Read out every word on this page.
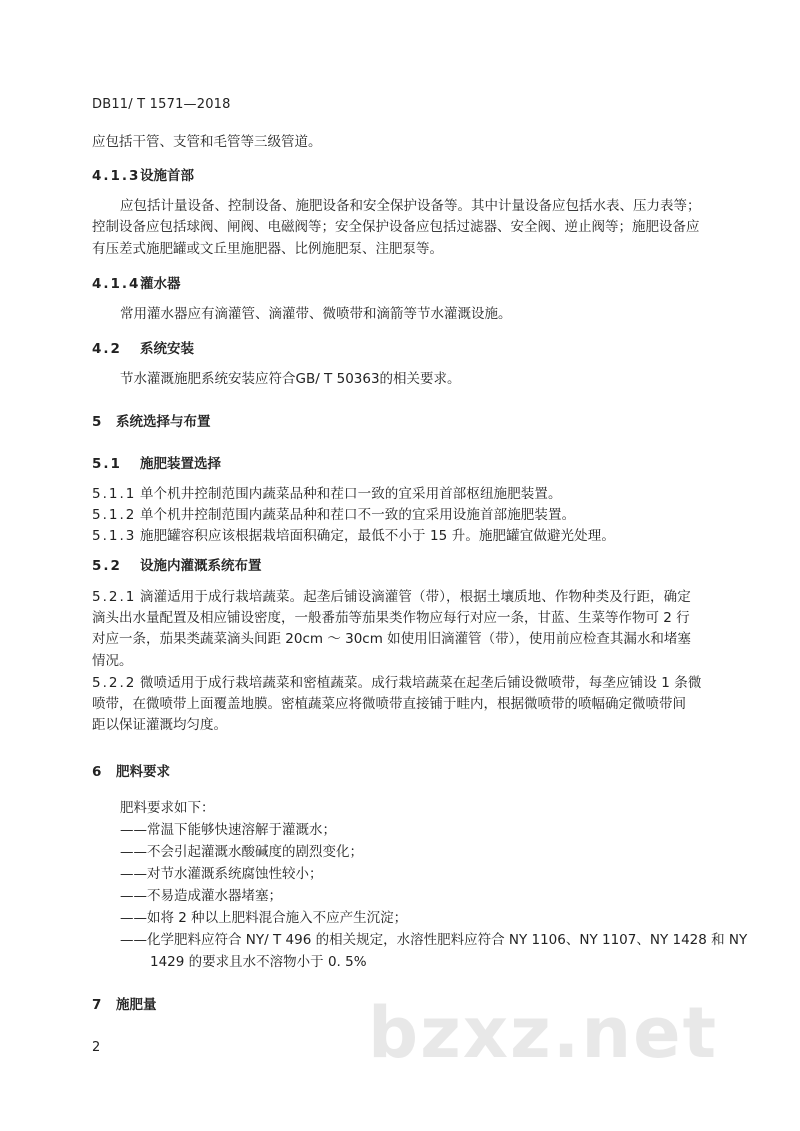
DB11/ T 1571—2018
应包括干管、支管和毛管等三级管道。
4.1.3设施首部
应包括计量设备、控制设备、施肥设备和安全保护设备等。其中计量设备应包括水表、压力表等；
控制设备应包括球阀、闸阀、电磁阀等；安全保护设备应包括过滤器、安全阀、逆止阀等；施肥设备应
有压差式施肥罐或文丘里施肥器、比例施肥泵、注肥泵等。
4.1.4灌水器
常用灌水器应有滴灌管、滴灌带、微喷带和滴箭等节水灌溉设施。
4.2 系统安装
节水灌溉施肥系统安装应符合GB/ T 50363的相关要求。
5 系统选择与布置
5.1 施肥装置选择
5.1.1 单个机井控制范围内蔬菜品种和茬口一致的宜采用首部枢纽施肥装置。
5.1.2 单个机井控制范围内蔬菜品种和茬口不一致的宜采用设施首部施肥装置。
5.1.3 施肥罐容积应该根据栽培面积确定，最低不小于 15 升。施肥罐宜做避光处理。
5.2 设施内灌溉系统布置
5.2.1 滴灌适用于成行栽培蔬菜。起垄后铺设滴灌管（带），根据土壤质地、作物种类及行距，确定
滴头出水量配置及相应铺设密度，一般番茄等茄果类作物应每行对应一条，甘蓝、生菜等作物可 2 行
对应一条，茄果类蔬菜滴头间距 20cm ～ 30cm 如使用旧滴灌管（带），使用前应检查其漏水和堵塞
情况。
5.2.2 微喷适用于成行栽培蔬菜和密植蔬菜。成行栽培蔬菜在起垄后铺设微喷带，每垄应铺设 1 条微
喷带，在微喷带上面覆盖地膜。密植蔬菜应将微喷带直接铺于畦内，根据微喷带的喷幅确定微喷带间
距以保证灌溉均匀度。
6 肥料要求
肥料要求如下：
——常温下能够快速溶解于灌溉水；
——不会引起灌溉水酸碱度的剧烈变化；
——对节水灌溉系统腐蚀性较小；
——不易造成灌水器堵塞；
——如将 2 种以上肥料混合施入不应产生沉淀；
——化学肥料应符合 NY/ T 496 的相关规定，水溶性肥料应符合 NY 1106、NY 1107、NY 1428 和 NY
1429 的要求且水不溶物小于 0. 5%
7 施肥量	bzxz.net
2
